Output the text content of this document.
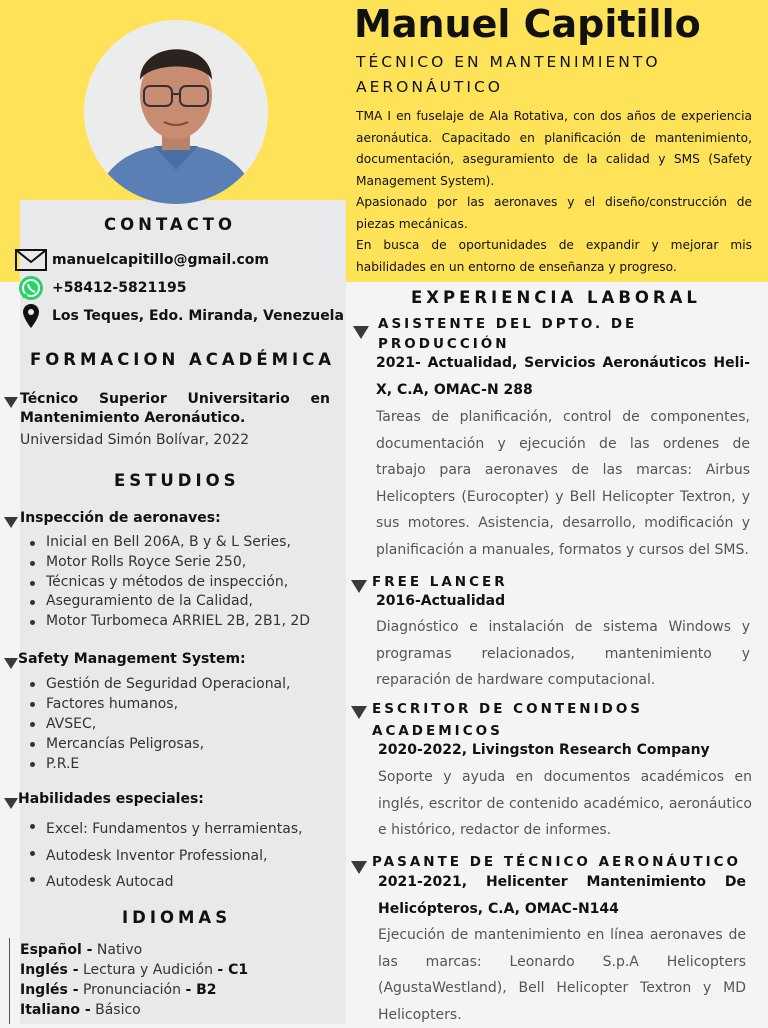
Manuel Capitillo
TÉCNICO EN MANTENIMIENTO AERONÁUTICO

TMA I en fuselaje de Ala Rotativa, con dos años de experiencia aeronáutica. Capacitado en planificación de mantenimiento, documentación, aseguramiento de la calidad y SMS (Safety Management System).

Apasionado por las aeronaves y el diseño/construcción de piezas mecánicas.

En busca de oportunidades de expandir y mejorar mis habilidades en un entorno de enseñanza y progreso.

CONTACTO
manuelcapitillo@gmail.com
+58412-5821195
Los Teques, Edo. Miranda, Venezuela
FORMACION ACADÉMICA
Técnico Superior Universitario en Mantenimiento Aeronáutico.
Universidad Simón Bolívar, 2022
ESTUDIOS
Inspección de aeronaves:
Inicial en Bell 206A, B y & L Series,
Motor Rolls Royce Serie 250,
Técnicas y métodos de inspección,
Aseguramiento de la Calidad,
Motor Turbomeca ARRIEL 2B, 2B1, 2D
Safety Management System:
Gestión de Seguridad Operacional,
Factores humanos,
AVSEC,
Mercancías Peligrosas,
P.R.E
Habilidades especiales:
Excel: Fundamentos y herramientas,
Autodesk Inventor Professional,
Autodesk Autocad
IDIOMAS
Español - Nativo
Inglés - Lectura y Audición - C1
Inglés - Pronunciación - B2
Italiano - Básico
EXPERIENCIA LABORAL
ASISTENTE DEL DPTO. DE PRODUCCIÓN
2021- Actualidad, Servicios Aeronáuticos Heli-X, C.A, OMAC-N 288
Tareas de planificación, control de componentes, documentación y ejecución de las ordenes de trabajo para aeronaves de las marcas: Airbus Helicopters (Eurocopter) y Bell Helicopter Textron, y sus motores. Asistencia, desarrollo, modificación y planificación a manuales, formatos y cursos del SMS.
FREE LANCER
2016-Actualidad
Diagnóstico e instalación de sistema Windows y programas relacionados, mantenimiento y reparación de hardware computacional.
ESCRITOR DE CONTENIDOS ACADEMICOS
2020-2022, Livingston Research Company
Soporte y ayuda en documentos académicos en inglés, escritor de contenido académico, aeronáutico e histórico, redactor de informes.
PASANTE DE TÉCNICO AERONÁUTICO
2021-2021, Helicenter Mantenimiento De Helicópteros, C.A, OMAC-N144
Ejecución de mantenimiento en línea aeronaves de las marcas: Leonardo S.p.A Helicopters (AgustaWestland), Bell Helicopter Textron y MD Helicopters.
